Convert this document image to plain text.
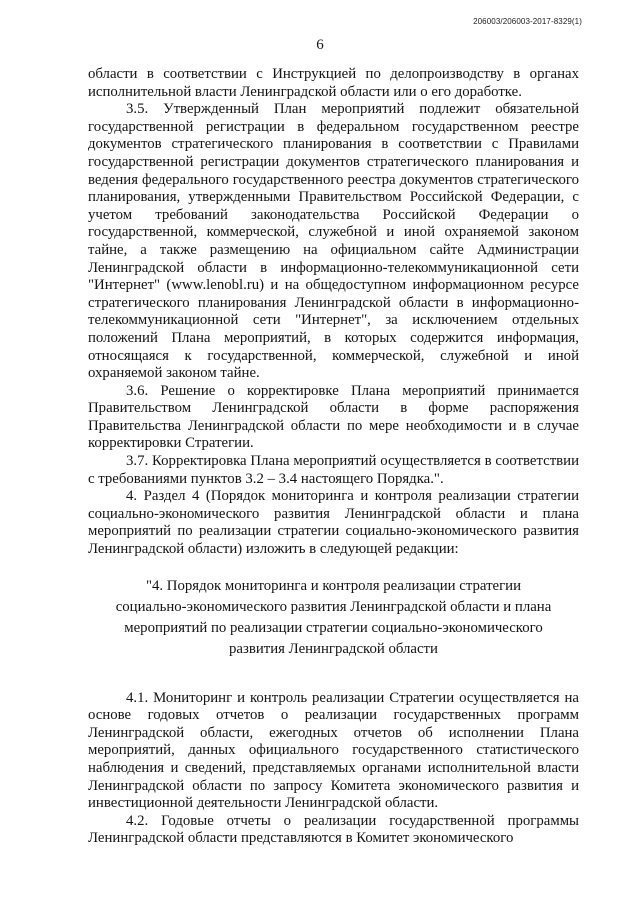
206003/206003-2017-8329(1)
6

области в соответствии с Инструкцией по делопроизводству в органах исполнительной власти Ленинградской области или о его доработке.

3.5. Утвержденный План мероприятий подлежит обязательной государственной регистрации в федеральном государственном реестре документов стратегического планирования в соответствии с Правилами государственной регистрации документов стратегического планирования и ведения федерального государственного реестра документов стратегического планирования, утвержденными Правительством Российской Федерации, с учетом требований законодательства Российской Федерации о государственной, коммерческой, служебной и иной охраняемой законом тайне, а также размещению на официальном сайте Администрации Ленинградской области в информационно-телекоммуникационной сети "Интернет" (www.lenobl.ru) и на общедоступном информационном ресурсе стратегического планирования Ленинградской области в информационно-телекоммуникационной сети "Интернет", за исключением отдельных положений Плана мероприятий, в которых содержится информация, относящаяся к государственной, коммерческой, служебной и иной охраняемой законом тайне.

3.6. Решение о корректировке Плана мероприятий принимается Правительством Ленинградской области в форме распоряжения Правительства Ленинградской области по мере необходимости и в случае корректировки Стратегии.

3.7. Корректировка Плана мероприятий осуществляется в соответствии с требованиями пунктов 3.2 – 3.4 настоящего Порядка.".

4. Раздел 4 (Порядок мониторинга и контроля реализации стратегии социально-экономического развития Ленинградской области и плана мероприятий по реализации стратегии социально-экономического развития Ленинградской области) изложить в следующей редакции:

"4. Порядок мониторинга и контроля реализации стратегии социально-экономического развития Ленинградской области и плана мероприятий по реализации стратегии социально-экономического развития Ленинградской области

4.1. Мониторинг и контроль реализации Стратегии осуществляется на основе годовых отчетов о реализации государственных программ Ленинградской области, ежегодных отчетов об исполнении Плана мероприятий, данных официального государственного статистического наблюдения и сведений, представляемых органами исполнительной власти Ленинградской области по запросу Комитета экономического развития и инвестиционной деятельности Ленинградской области.

4.2. Годовые отчеты о реализации государственной программы Ленинградской области представляются в Комитет экономического
